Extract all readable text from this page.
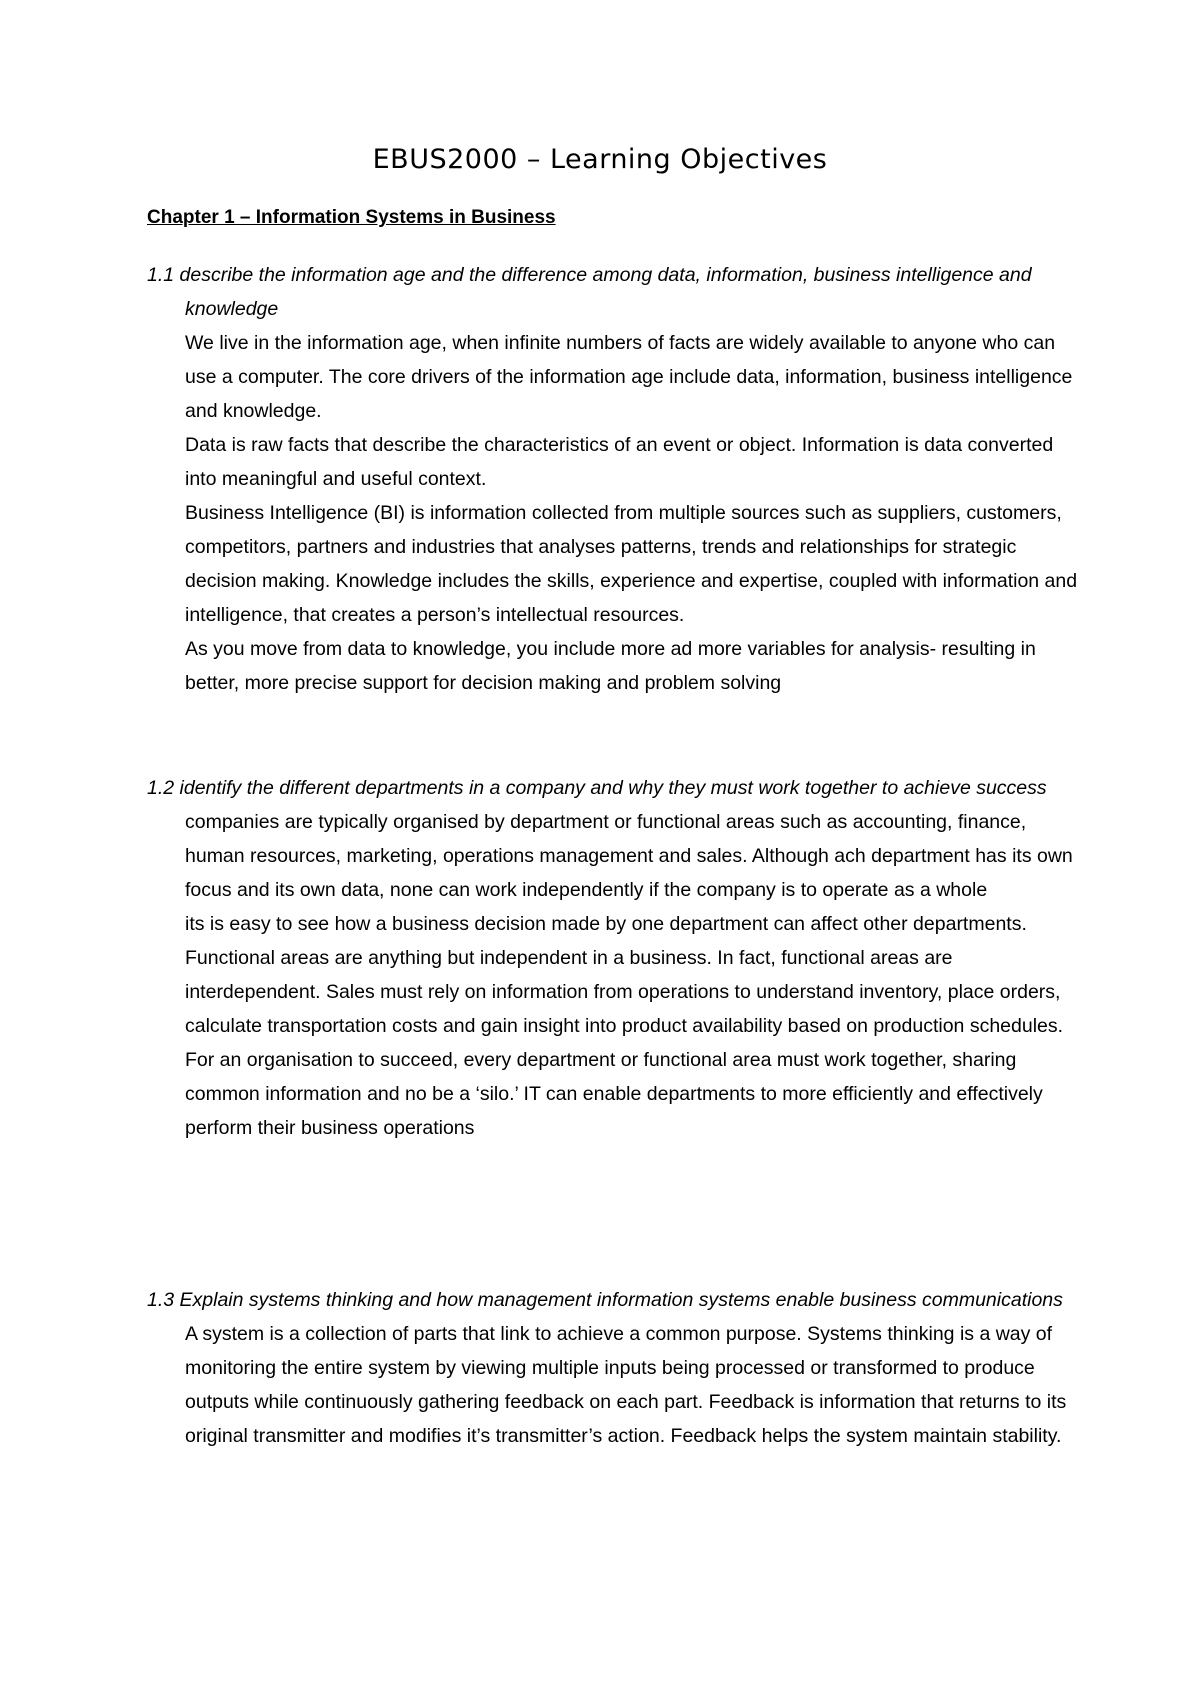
EBUS2000 – Learning Objectives
Chapter 1 – Information Systems in Business

1.1 describe the information age and the difference among data, information, business intelligence and knowledge

We live in the information age, when infinite numbers of facts are widely available to anyone who can use a computer. The core drivers of the information age include data, information, business intelligence and knowledge.

Data is raw facts that describe the characteristics of an event or object. Information is data converted into meaningful and useful context.

Business Intelligence (BI) is information collected from multiple sources such as suppliers, customers, competitors, partners and industries that analyses patterns, trends and relationships for strategic decision making. Knowledge includes the skills, experience and expertise, coupled with information and intelligence, that creates a person’s intellectual resources.

As you move from data to knowledge, you include more ad more variables for analysis- resulting in better, more precise support for decision making and problem solving

1.2 identify the different departments in a company and why they must work together to achieve success

companies are typically organised by department or functional areas such as accounting, finance, human resources, marketing, operations management and sales. Although ach department has its own focus and its own data, none can work independently if the company is to operate as a whole

its is easy to see how a business decision made by one department can affect other departments. Functional areas are anything but independent in a business. In fact, functional areas are interdependent. Sales must rely on information from operations to understand inventory, place orders, calculate transportation costs and gain insight into product availability based on production schedules.

For an organisation to succeed, every department or functional area must work together, sharing common information and no be a ‘silo.’ IT can enable departments to more efficiently and effectively perform their business operations

1.3 Explain systems thinking and how management information systems enable business communications

A system is a collection of parts that link to achieve a common purpose. Systems thinking is a way of monitoring the entire system by viewing multiple inputs being processed or transformed to produce outputs while continuously gathering feedback on each part. Feedback is information that returns to its original transmitter and modifies it’s transmitter’s action. Feedback helps the system maintain stability.
